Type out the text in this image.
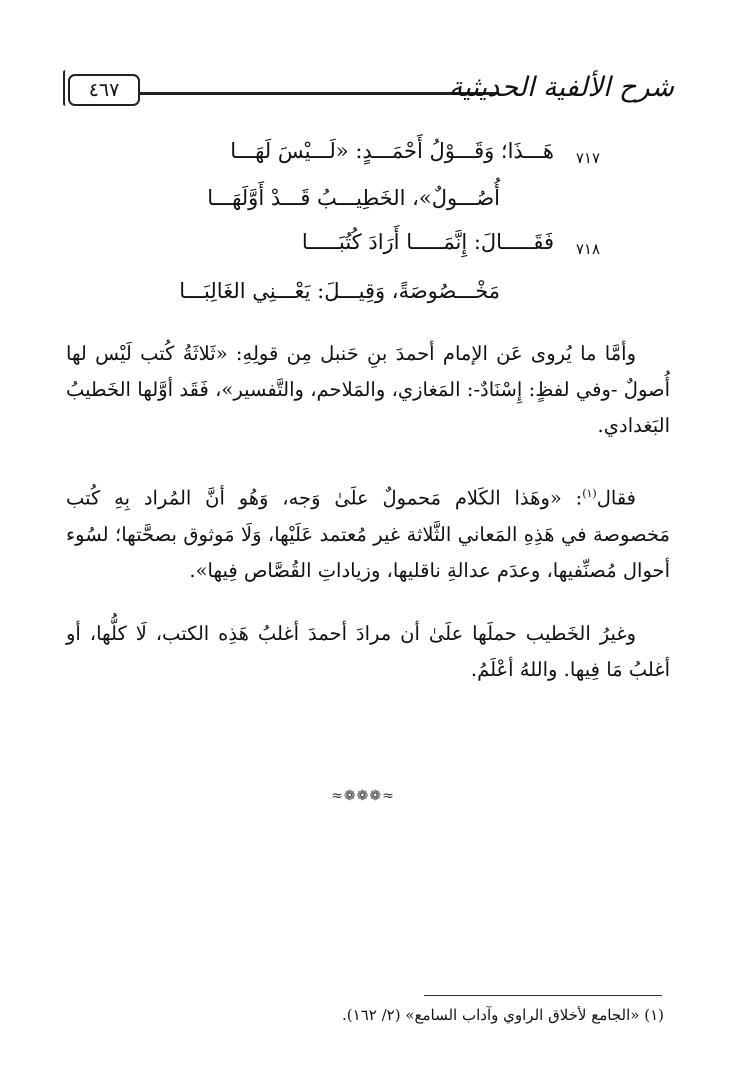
٤٦٧	شرح الألفية الحديثية
٧١٧
هَـــذَا؛ وَقَـــوْلُ أَحْمَـــدٍ: «لَـــيْسَ لَهَـــا
أُصُـــولٌ»، الخَطِيـــبُ قَـــدْ أَوَّلَهَـــا
٧١٨
فَقَـــــالَ: إِنَّمَـــــا أَرَادَ كُتُبَـــــا
مَخْـــصُوصَةً، وَقِيـــلَ: يَعْـــنِي الغَالِبَـــا

وأمَّا ما يُروى عَن الإمام أحمدَ بنِ حَنبل مِن قولِهِ: «ثَلاثَةُ كُتب لَيْس لها أُصولٌ -وفي لفظٍ: إِسْنَادٌ-: المَغازي، والمَلاحم، والتَّفسير»، فَقَد أوَّلها الخَطيبُ البَغدادي.

فقال$^{(١)}$: «وهَذا الكَلام مَحمولٌ علَىٰ وَجه، وَهُو أنَّ المُراد بِهِ كُتب مَخصوصة في هَذِهِ المَعاني الثَّلاثة غير مُعتمد عَلَيْها، وَلَا مَوثوق بصحَّتها؛ لسُوء أحوال مُصنِّفيها، وعدَم عدالةِ ناقليها، وزياداتِ القُصَّاص فِيها».

وغيرُ الخَطيب حملَها علَىٰ أن مرادَ أحمدَ أغلبُ هَذِه الكتب، لَا كلُّها، أو أغلبُ مَا فِيها. واللهُ أعْلَمُ.

≈❁❁❁≈
(١) «الجامع لأخلاق الراوي وآداب السامع» (٢/ ١٦٢).
